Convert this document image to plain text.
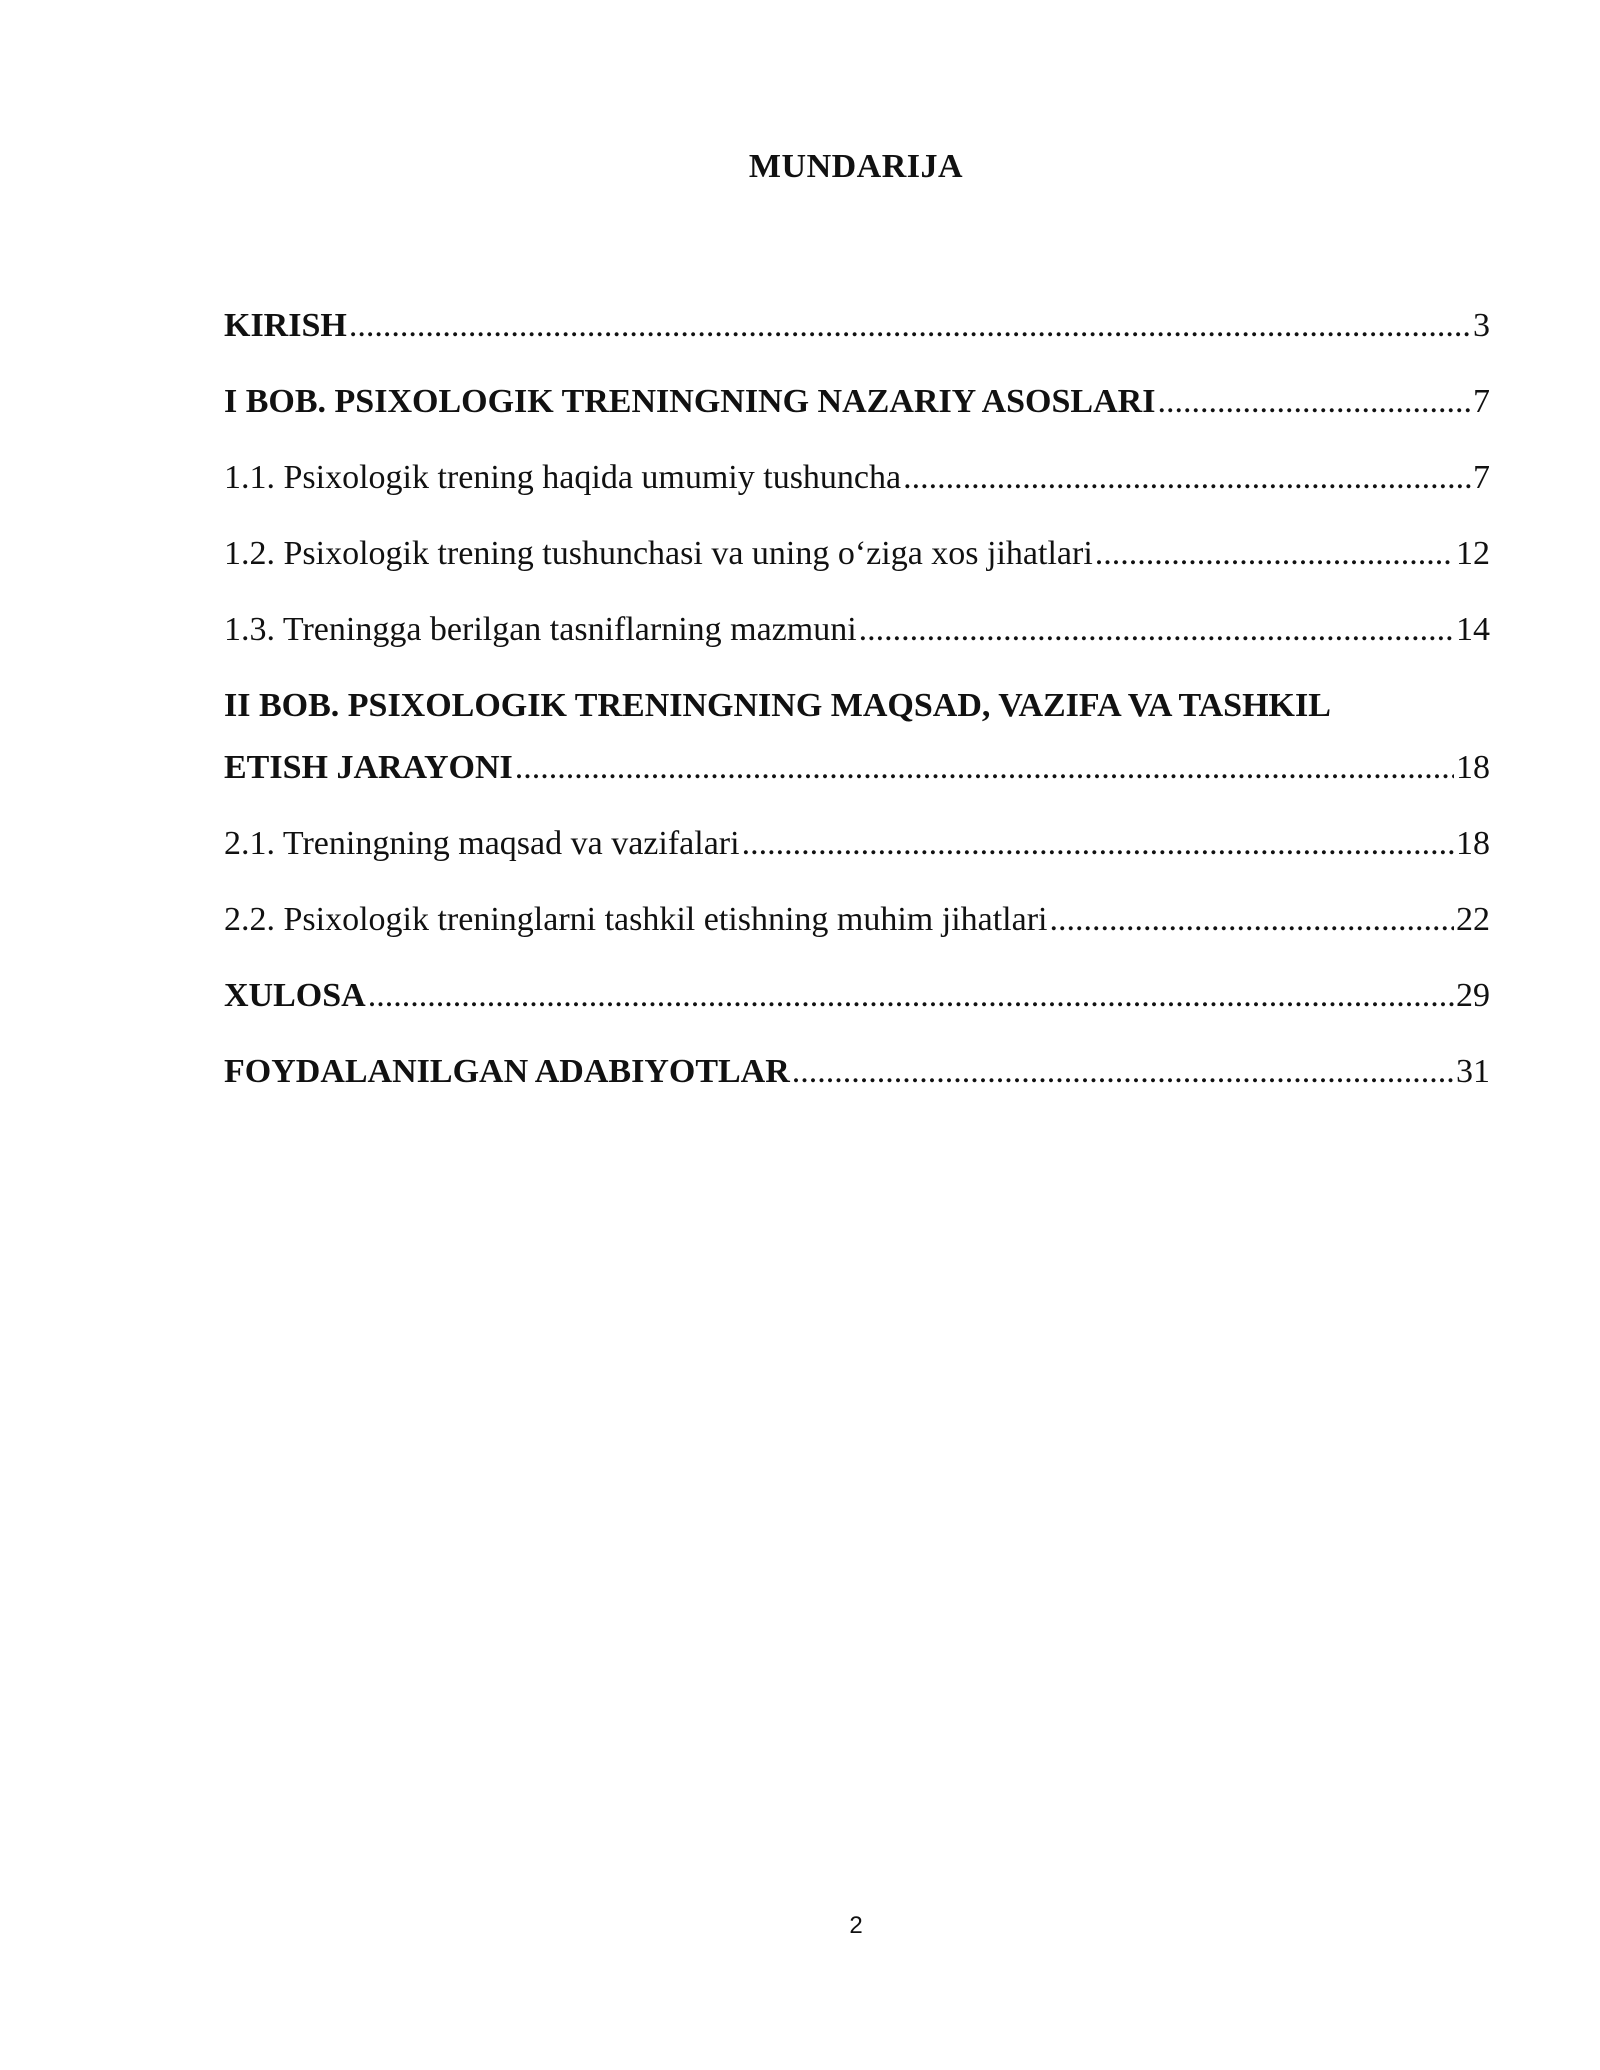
MUNDARIJA
KIRISH .....	3
I BOB. PSIXOLOGIK TRENINGNING NAZARIY ASOSLARI .....	7
1.1. Psixologik trening haqida umumiy tushuncha .....	7
1.2. Psixologik trening tushunchasi va uning o‘ziga xos jihatlari .....	12
1.3. Treningga berilgan tasniflarning mazmuni .....	14
II BOB. PSIXOLOGIK TRENINGNING MAQSAD, VAZIFA VA TASHKIL
ETISH JARAYONI .....	18
2.1. Treningning maqsad va vazifalari .....	18
2.2. Psixologik treninglarni tashkil etishning muhim jihatlari .....	22
XULOSA .....	29
FOYDALANILGAN ADABIYOTLAR .....	31
2
